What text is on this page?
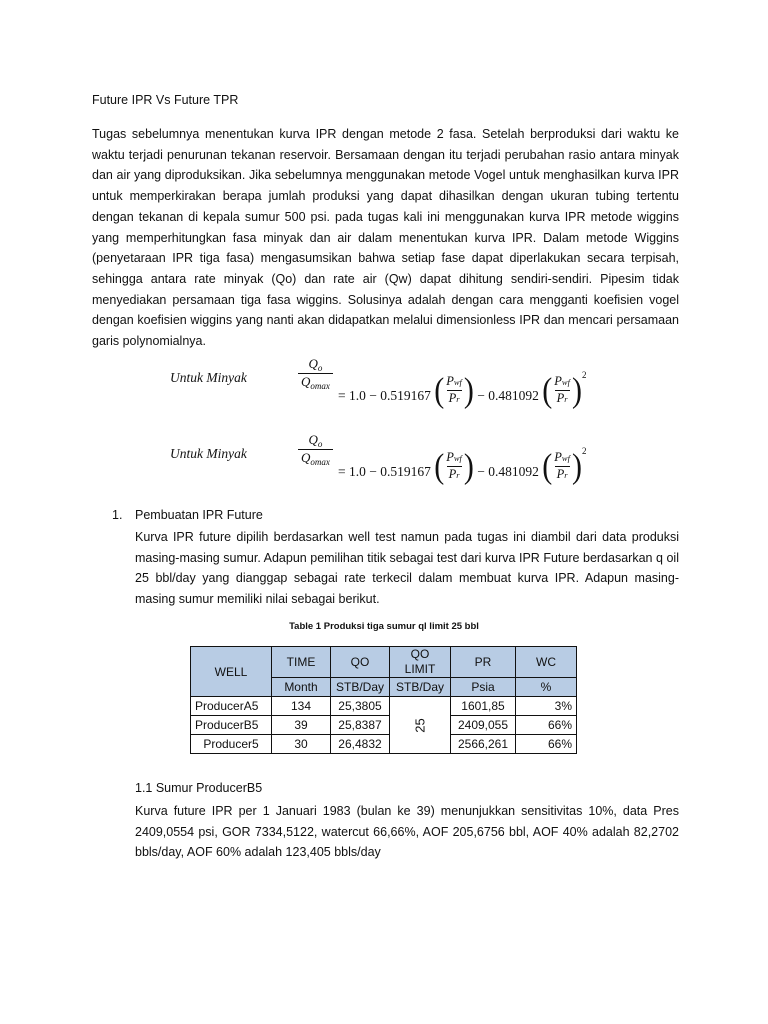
Future IPR Vs Future TPR
Tugas sebelumnya menentukan kurva IPR dengan metode 2 fasa. Setelah berproduksi dari waktu ke waktu terjadi penurunan tekanan reservoir. Bersamaan dengan itu terjadi perubahan rasio antara minyak dan air yang diproduksikan. Jika sebelumnya menggunakan metode Vogel untuk menghasilkan kurva IPR untuk memperkirakan berapa jumlah produksi yang dapat dihasilkan dengan ukuran tubing tertentu dengan tekanan di kepala sumur 500 psi. pada tugas kali ini menggunakan kurva IPR metode wiggins yang memperhitungkan fasa minyak dan air dalam menentukan kurva IPR. Dalam metode Wiggins (penyetaraan IPR tiga fasa) mengasumsikan bahwa setiap fase dapat diperlakukan secara terpisah, sehingga antara rate minyak (Qo) dan rate air (Qw) dapat dihitung sendiri-sendiri. Pipesim tidak menyediakan persamaan tiga fasa wiggins. Solusinya adalah dengan cara mengganti koefisien vogel dengan koefisien wiggins yang nanti akan didapatkan melalui dimensionless IPR dan mencari persamaan garis polynomialnya.
Untuk Minyak
$Q_o$
$Q_{omax}$
= 1.0 − 0.519167 ( Pwf
Pr ) − 0.481092 ( Pwf
Pr ) $^2$
Untuk Minyak
$Q_o$
$Q_{omax}$
= 1.0 − 0.519167 ( Pwf
Pr ) − 0.481092 ( Pwf
Pr ) $^2$
1. Pembuatan IPR Future
Kurva IPR future dipilih berdasarkan well test namun pada tugas ini diambil dari data produksi masing-masing sumur. Adapun pemilihan titik sebagai test dari kurva IPR Future berdasarkan q oil 25 bbl/day yang dianggap sebagai rate terkecil dalam membuat kurva IPR. Adapun masing-masing sumur memiliki nilai sebagai berikut.
Table 1 Produksi tiga sumur ql limit 25 bbl
WELL	TIME	QO	QO LIMIT	PR	WC
	Month	STB/Day	STB/Day	Psia	%
ProducerA5	134	25,3805	25	1601,85	3%
ProducerB5	39	25,8387		2409,055	66%
Producer5	30	26,4832		2566,261	66%
1.1 Sumur ProducerB5
Kurva future IPR per 1 Januari 1983 (bulan ke 39) menunjukkan sensitivitas 10%, data Pres 2409,0554 psi, GOR 7334,5122, watercut 66,66%, AOF 205,6756 bbl, AOF 40% adalah 82,2702 bbls/day, AOF 60% adalah 123,405 bbls/day
